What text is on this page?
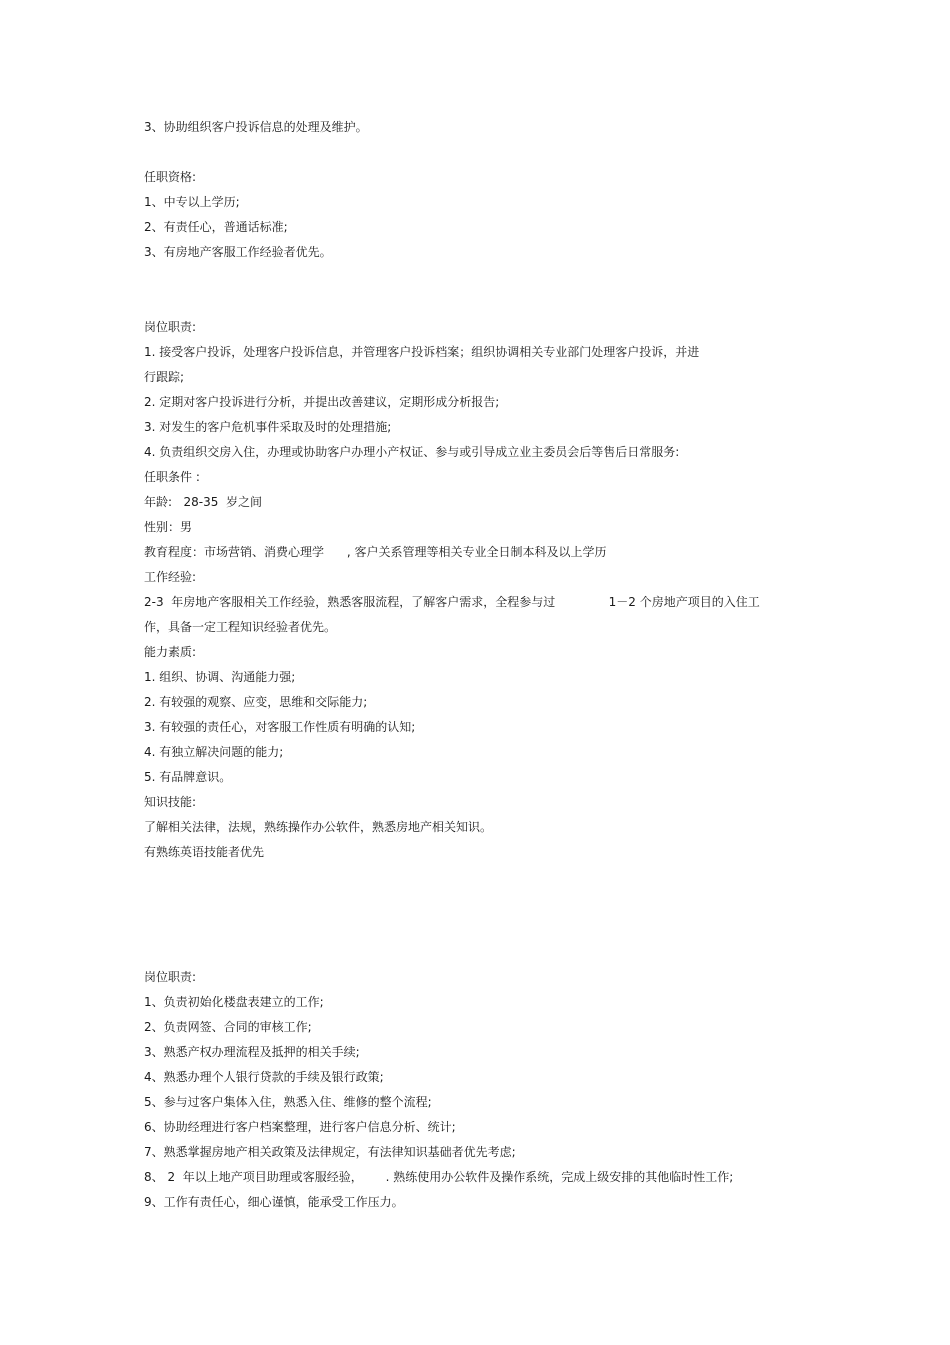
3、协助组织客户投诉信息的处理及维护。

任职资格:

1、中专以上学历;

2、有责任心，普通话标准;

3、有房地产客服工作经验者优先。

岗位职责:

1. 接受客户投诉，处理客户投诉信息，并管理客户投诉档案；组织协调相关专业部门处理客户投诉，并进

行跟踪;

2. 定期对客户投诉进行分析，并提出改善建议，定期形成分析报告;

3. 对发生的客户危机事件采取及时的处理措施;

4. 负责组织交房入住，办理或协助客户办理小产权证、参与或引导成立业主委员会后等售后日常服务:

任职条件 :

年龄:   28-35  岁之间

性别：男

教育程度：市场营销、消费心理学      , 客户关系管理等相关专业全日制本科及以上学历

工作经验:

2-3  年房地产客服相关工作经验，熟悉客服流程，了解客户需求，全程参与过              1－2 个房地产项目的入住工

作，具备一定工程知识经验者优先。

能力素质:

1. 组织、协调、沟通能力强;

2. 有较强的观察、应变，思维和交际能力;

3. 有较强的责任心，对客服工作性质有明确的认知;

4. 有独立解决问题的能力;

5. 有品牌意识。

知识技能:

了解相关法律，法规，熟练操作办公软件，熟悉房地产相关知识。

有熟练英语技能者优先

岗位职责:

1、负责初始化楼盘表建立的工作;

2、负责网签、合同的审核工作;

3、熟悉产权办理流程及抵押的相关手续;

4、熟悉办理个人银行贷款的手续及银行政策;

5、参与过客户集体入住，熟悉入住、维修的整个流程;

6、协助经理进行客户档案整理，进行客户信息分析、统计;

7、熟悉掌握房地产相关政策及法律规定，有法律知识基础者优先考虑;

8、 2  年以上地产项目助理或客服经验，      . 熟练使用办公软件及操作系统，完成上级安排的其他临时性工作;

9、工作有责任心，细心谨慎，能承受工作压力。
